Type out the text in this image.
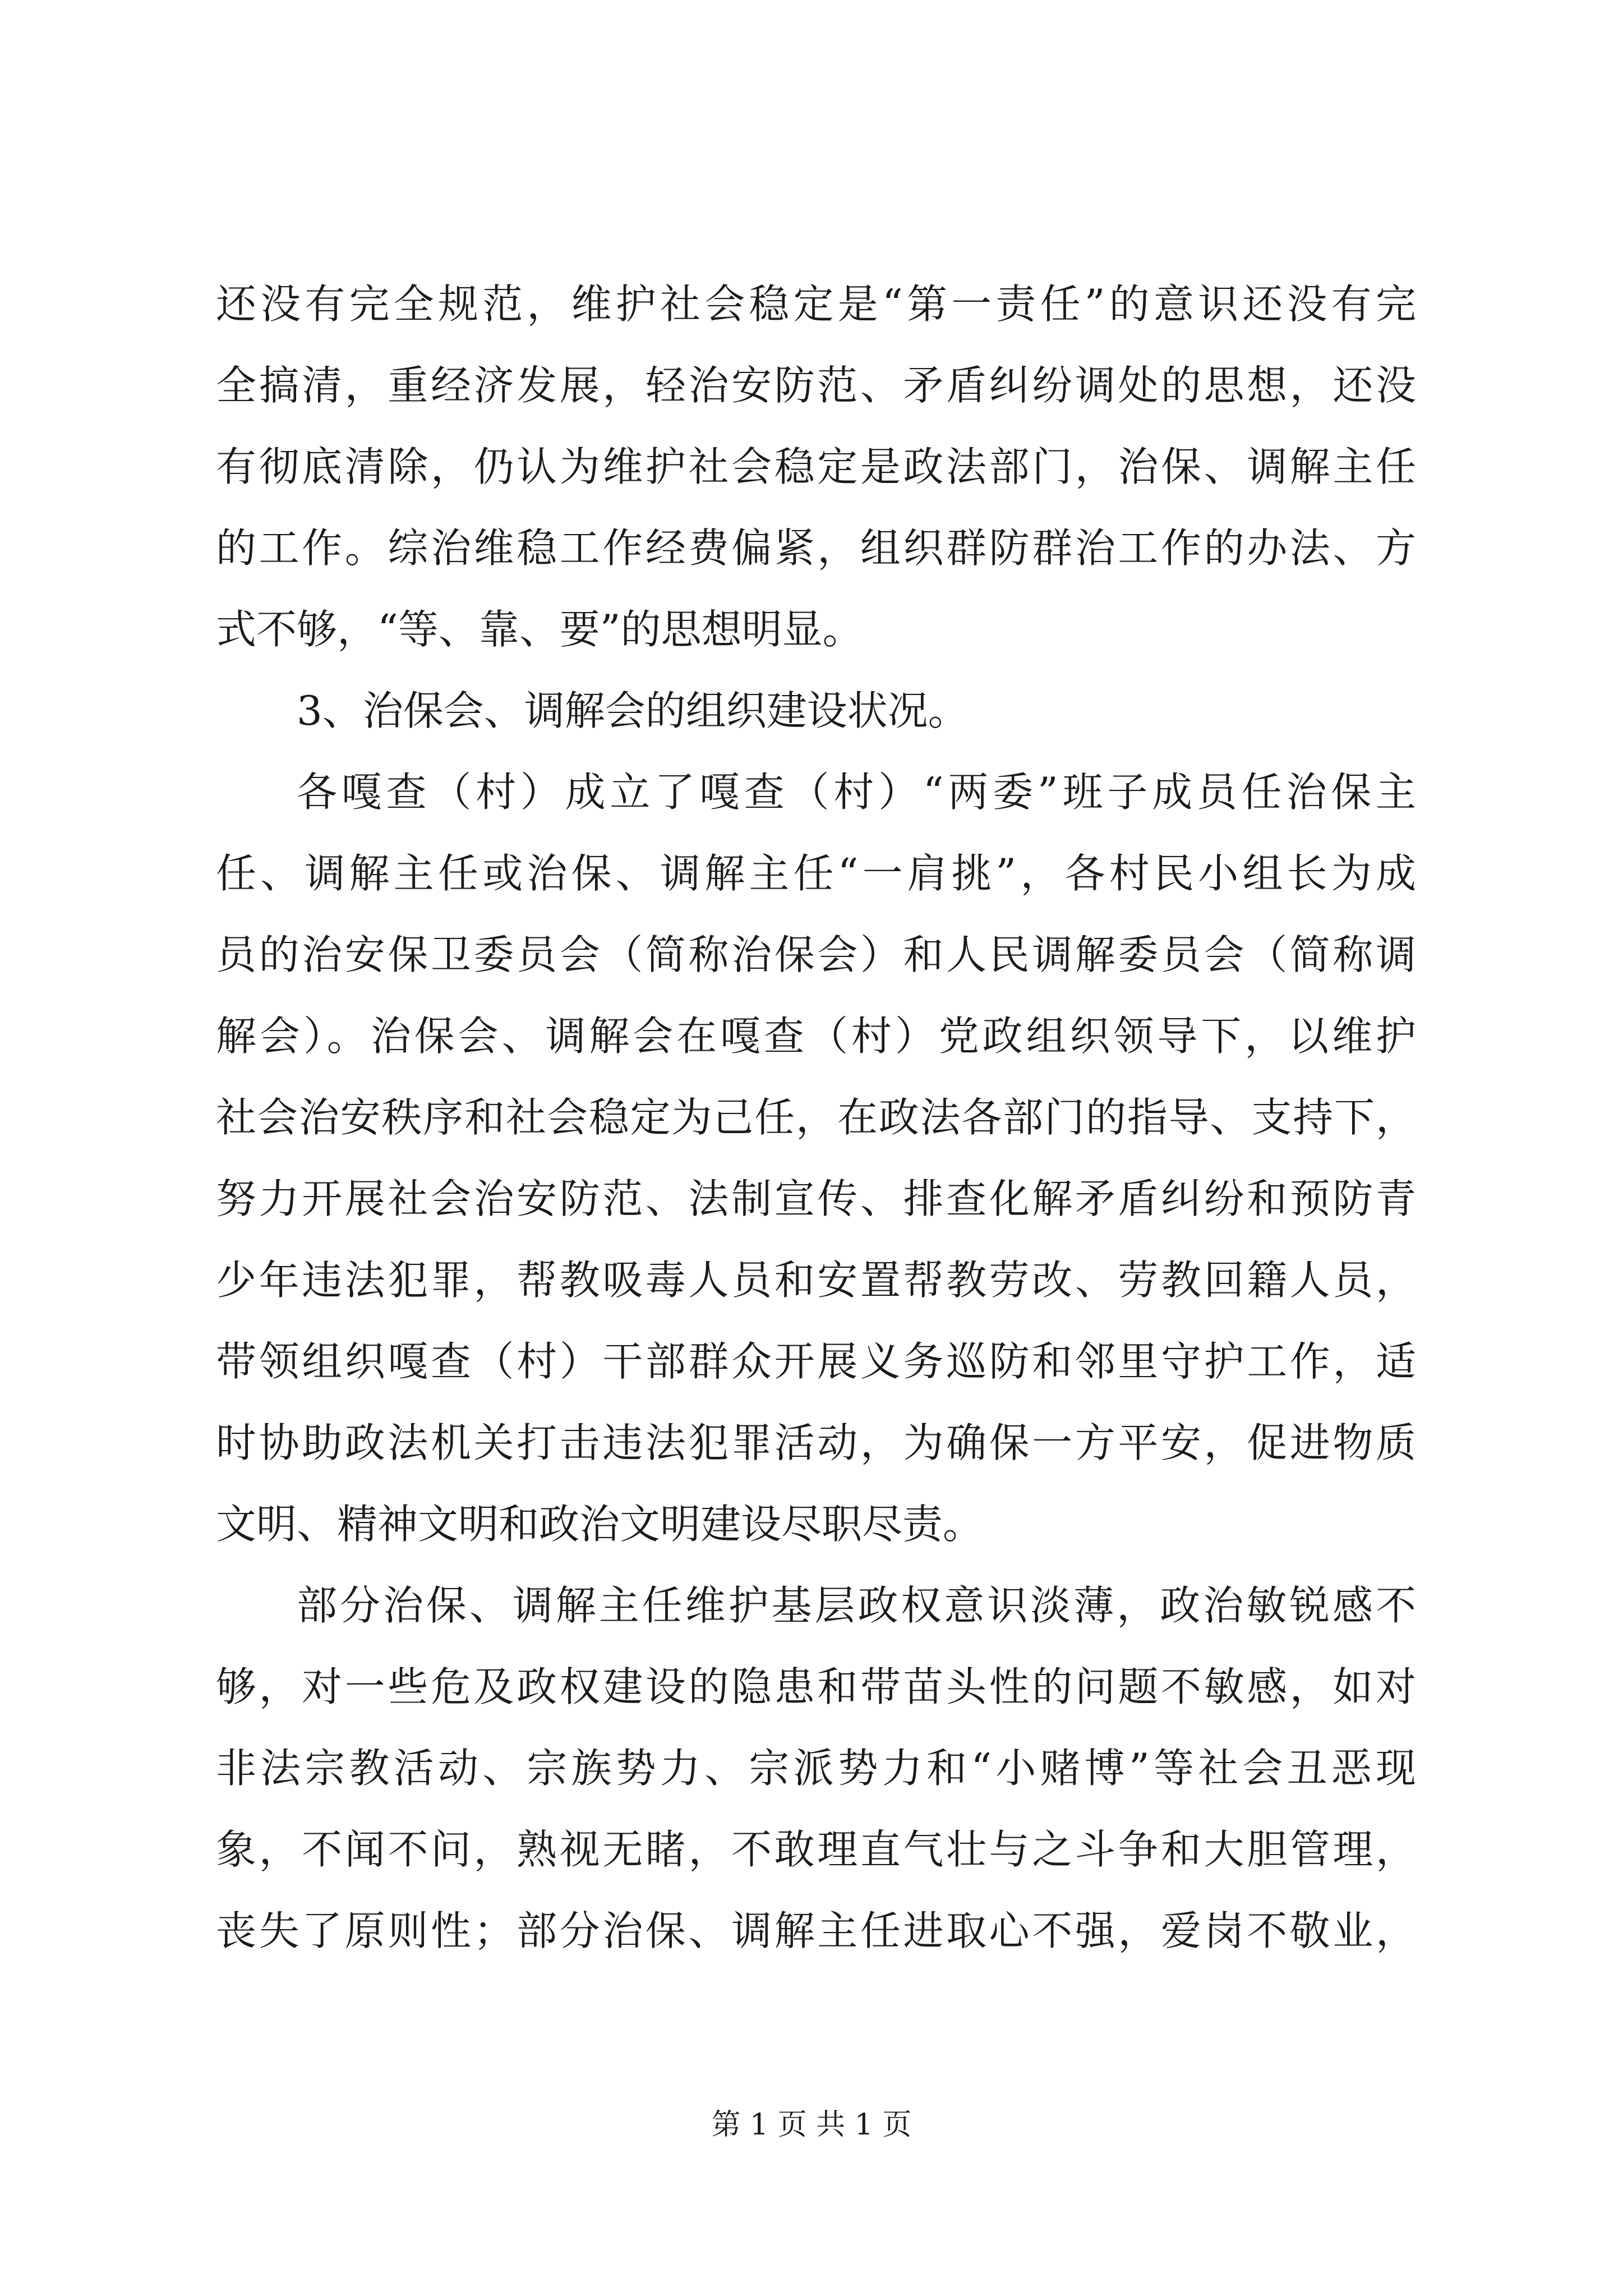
还没有完全规范，维护社会稳定是“第一责任”的意识还没有完
全搞清，重经济发展，轻治安防范、矛盾纠纷调处的思想，还没
有彻底清除，仍认为维护社会稳定是政法部门，治保、调解主任
的工作。综治维稳工作经费偏紧，组织群防群治工作的办法、方
式不够，“等、靠、要”的思想明显。
3、治保会、调解会的组织建设状况。
各嘎查（村）成立了嘎查（村）“两委”班子成员任治保主
任、调解主任或治保、调解主任“一肩挑”，各村民小组长为成
员的治安保卫委员会（简称治保会）和人民调解委员会（简称调
解会）。治保会、调解会在嘎查（村）党政组织领导下，以维护
社会治安秩序和社会稳定为己任，在政法各部门的指导、支持下，
努力开展社会治安防范、法制宣传、排查化解矛盾纠纷和预防青
少年违法犯罪，帮教吸毒人员和安置帮教劳改、劳教回籍人员，
带领组织嘎查（村）干部群众开展义务巡防和邻里守护工作，适
时协助政法机关打击违法犯罪活动，为确保一方平安，促进物质
文明、精神文明和政治文明建设尽职尽责。
部分治保、调解主任维护基层政权意识淡薄，政治敏锐感不
够，对一些危及政权建设的隐患和带苗头性的问题不敏感，如对
非法宗教活动、宗族势力、宗派势力和“小赌博”等社会丑恶现
象，不闻不问，熟视无睹，不敢理直气壮与之斗争和大胆管理，
丧失了原则性；部分治保、调解主任进取心不强，爱岗不敬业，
第 1 页 共 1 页
